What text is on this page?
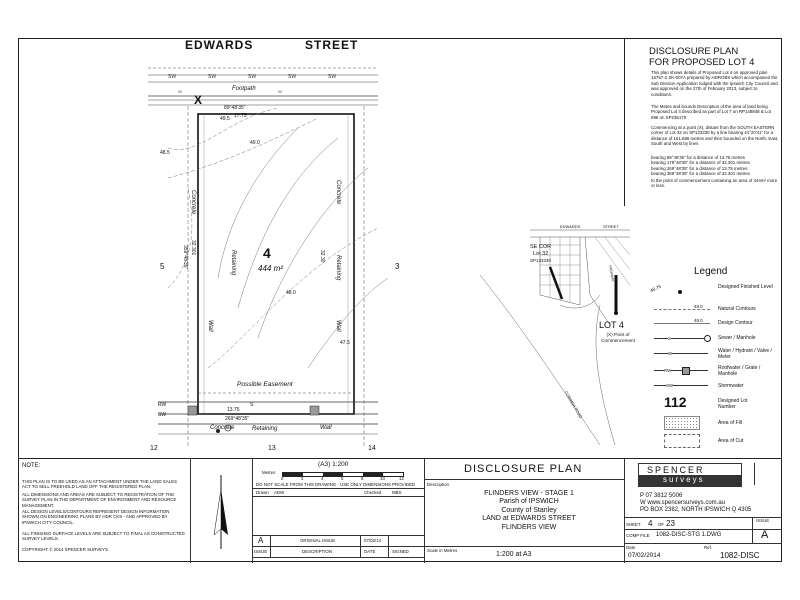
SW	SW	SW	SW	SW
W	W
X
EDWARDS	STREET
Footpath
89°48'35"
17.75
4
444 m²
Possible Easement
13.75
269°48'35"
Concrete	Retaining	Wall
Concrete
Retaining
Concrete
Retaining
Wall	Wall
32.301
359°48'35"	32.30
5	3
12	13	14
49.5
49.0
48.5
48.0
47.5
RW	S
SW
DISCLOSURE PLAN
FOR PROPOSED LOT 4
This plan shows details of Proposed Lot 4 on approved plan 16757-2 SK-007A prepared by HDROBS which accompanied the Sub Division Application lodged with the Ipswich City Council and was approved on the 27th of February 2013, subject to conditions.
The Metes and bounds Description of the area of land being Proposed Lot 4 described as part of Lot 7 on RP148848 & Lot 998 on SP235170
Commencing at a point (X), distant from the SOUTH EASTERN corner of Lot 32 on SP133330 by a line bearing 44°20'41" for a distance of 151.686 metres and then bounded on the North, East, South and West by lines
bearing 89°48'35" for a distance of 13.75 metres
bearing 179°48'35" for a distance of 32.301 metres
bearing 269°48'35" for a distance of 13.75 metres
bearing 359°48'35" for a distance of 32.301 metres
to the point of commencement containing an area of 444m² more or less.
EDWARDS	STREET
SE COR
Lot 32
SP133330
LOT 4
(X) Point of Commencement
CORINDA ROAD
HIGHWAY	Legend
48.75	Designed Finished Level
48.0	Natural Contours
48.0	Design Contour
S	Sewer / Manhole
W	Water / Hydrant / Valve / Meter
RW	Roofwater / Grate / Manhole
SW	Stormwater
112	Designed Lot Number
Area of Fill
Area of Cut
NOTE:
THIS PLAN IS TO BE USED AS AN ATTACHMENT UNDER THE LAND SALES ACT TO SELL FREEHOLD LAND OFF THE REGISTERED PLAN.
ALL DIMENSIONS AND AREAS ARE SUBJECT TO REGISTRATION OF THE SURVEY PLAN IN THE DEPARTMENT OF ENVIRONMENT AND RESOURCE MANAGEMENT.
ALL DESIGN LEVELS/CONTOURS REPRESENT DESIGN INFORMATION SHOWN ON ENGINEERING PLANS BY HDR CKS - AND APPROVED BY IPSWICH CITY COUNCIL.
ALL FINISHED SURFACE LEVELS ARE SUBJECT TO FINAL AS CONSTRUCTED SURVEY LEVELS.
COPYRIGHT © 2014 SPENCER SURVEYS
(A3) 1:200
Metres
0	2	4	6	8	10	12
DO NOT SCALE FROM THIS DRAWING - USE ONLY DIMENSIONS PROVIDED
Drawn ADW	Checked MBS
A	ORIGINAL ISSUE	07/02/14
ISSUE	DESCRIPTION	DATE	SIGNED
DISCLOSURE PLAN
Description
FLINDERS VIEW - STAGE 1
Parish of IPSWICH
County of Stanley
LAND at EDWARDS STREET
FLINDERS VIEW
Scale in Metres
1:200 at A3
SPENCER
surveys
P 07 3812 5006
W www.spencersurveys.com.au
PO BOX 2382, NORTH IPSWICH Q 4305
SHEET 4 OF 23
COMP FILE 1082-DISC-STG 1.DWG
ISSUE
A
Date
07/02/2014
Ref.
1082-DISC
